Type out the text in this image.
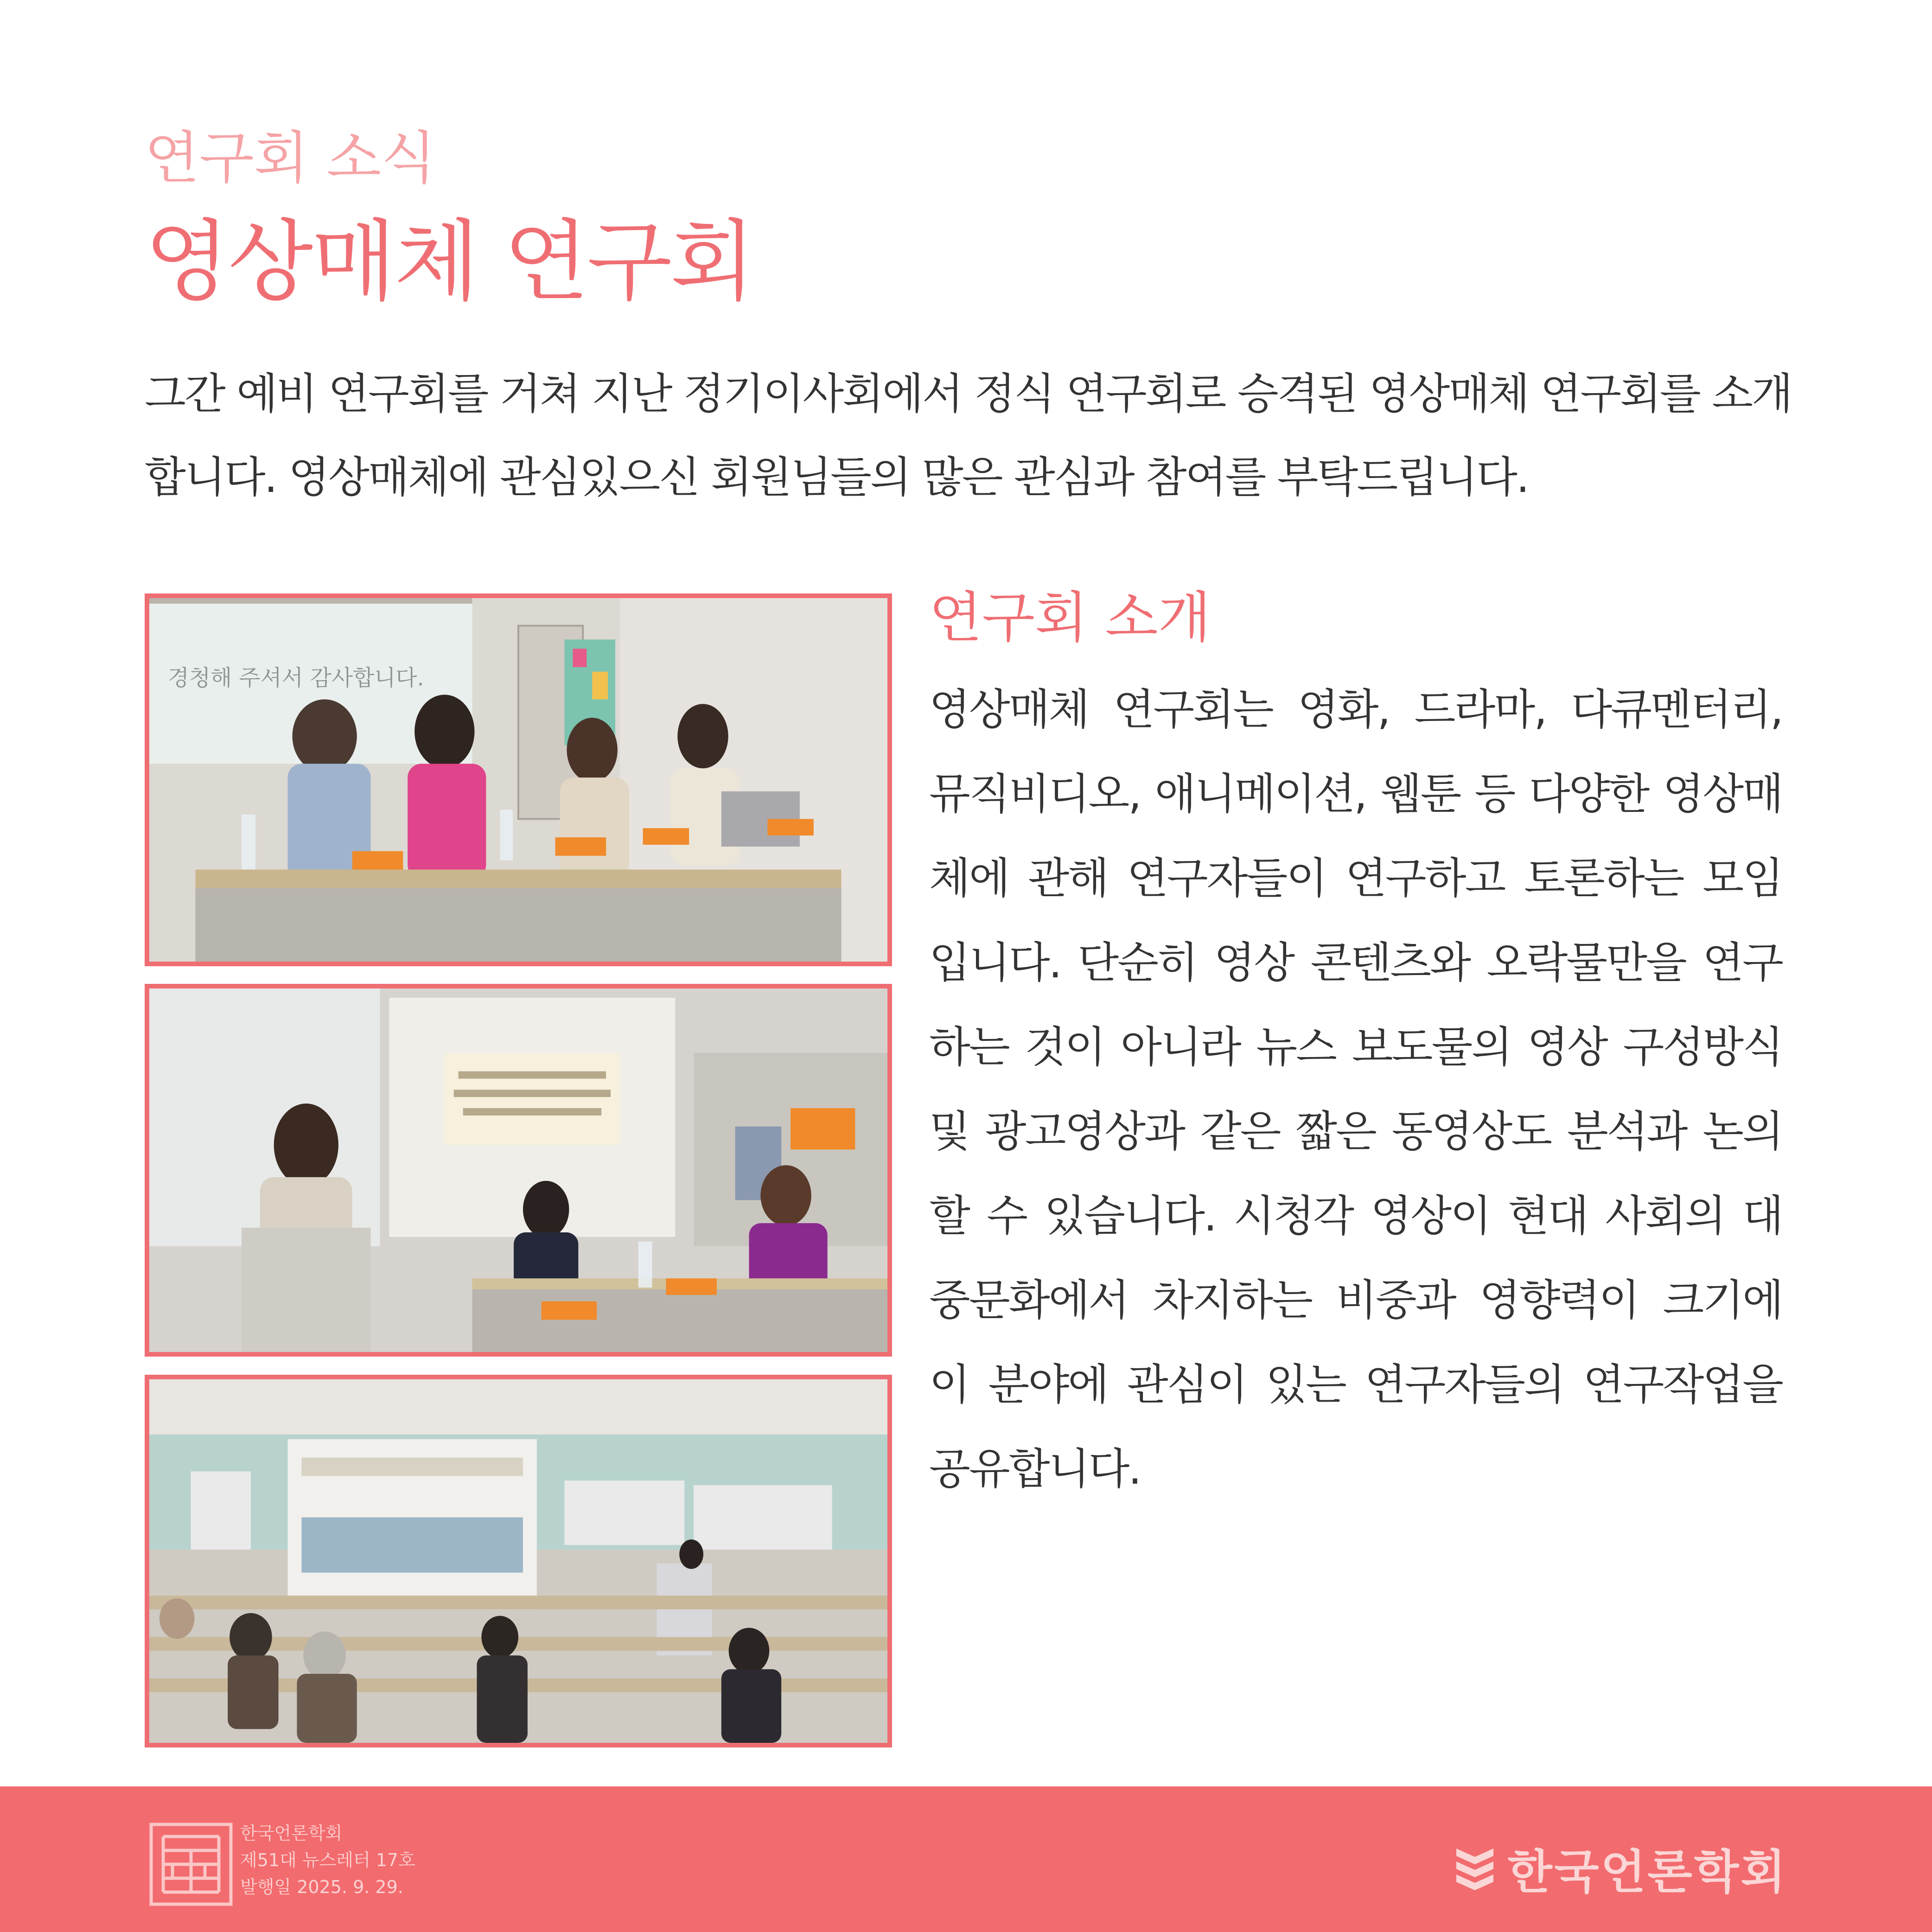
연구회 소식
영상매체 연구회

그간 예비 연구회를 거쳐 지난 정기이사회에서 정식 연구회로 승격된 영상매체 연구회를 소개합니다. 영상매체에 관심있으신 회원님들의 많은 관심과 참여를 부탁드립니다.

경청해 주셔서 감사합니다.
연구회 소개

영상매체 연구회는 영화, 드라마, 다큐멘터리, 뮤직비디오, 애니메이션, 웹툰 등 다양한 영상매체에 관해 연구자들이 연구하고 토론하는 모임입니다. 단순히 영상 콘텐츠와 오락물만을 연구하는 것이 아니라 뉴스 보도물의 영상 구성방식 및 광고영상과 같은 짧은 동영상도 분석과 논의할 수 있습니다. 시청각 영상이 현대 사회의 대중문화에서 차지하는 비중과 영향력이 크기에 이 분야에 관심이 있는 연구자들의 연구작업을 공유합니다.

한국언론학회
제51대 뉴스레터 17호
발행일 2025. 9. 29.	한국언론학회
